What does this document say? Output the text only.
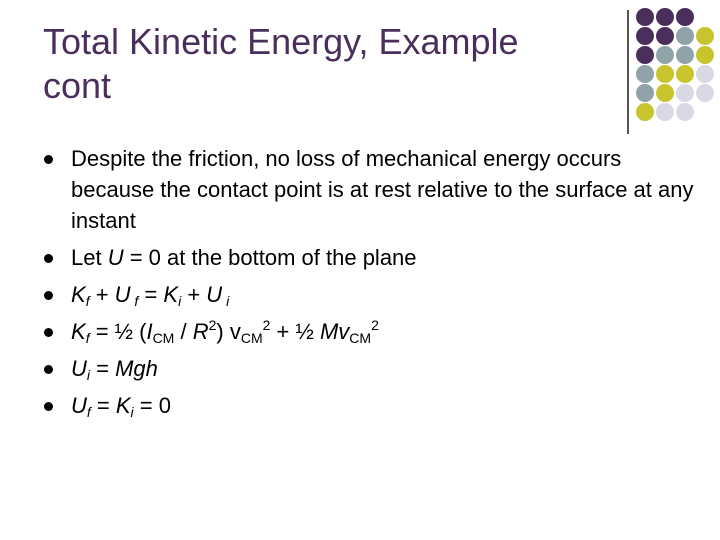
Total Kinetic Energy, Example
cont
Despite the friction, no loss of mechanical energy occurs because the contact point is at rest relative to the surface at any instant
Let U = 0 at the bottom of the plane
$K_f + U$ $_f = K_i + U$ $_i$
$K_f$ = ½ $(I_{CM} / R^2) v_{CM}^2$ + ½ $Mv_{CM}^2$
$U_i$ = Mgh
$U_f = K_i = 0$
